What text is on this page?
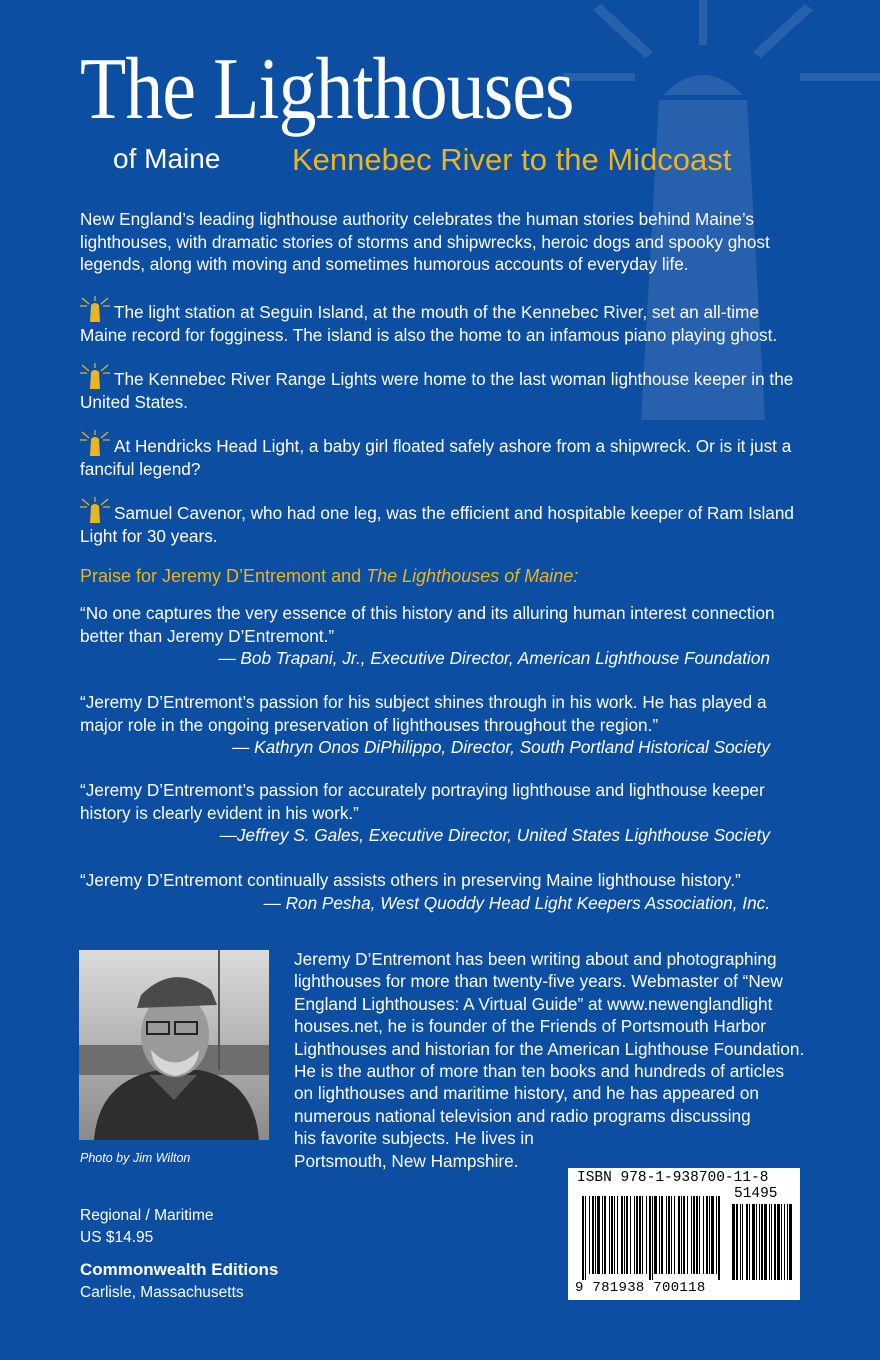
The Lighthouses
of Maine Kennebec River to the Midcoast
New England’s leading lighthouse authority celebrates the human stories behind Maine’s lighthouses, with dramatic stories of storms and shipwrecks, heroic dogs and spooky ghost legends, along with moving and sometimes humorous accounts of everyday life.
The light station at Seguin Island, at the mouth of the Kennebec River, set an all-time Maine record for fogginess. The island is also the home to an infamous piano playing ghost.
The Kennebec River Range Lights were home to the last woman lighthouse keeper in the United States.
At Hendricks Head Light, a baby girl floated safely ashore from a shipwreck. Or is it just a fanciful legend?
Samuel Cavenor, who had one leg, was the efficient and hospitable keeper of Ram Island Light for 30 years.
Praise for Jeremy D’Entremont and The Lighthouses of Maine:
“No one captures the very essence of this history and its alluring human interest connection better than Jeremy D’Entremont.”
— Bob Trapani, Jr., Executive Director, American Lighthouse Foundation
“Jeremy D’Entremont’s passion for his subject shines through in his work. He has played a major role in the ongoing preservation of lighthouses throughout the region.”
— Kathryn Onos DiPhilippo, Director, South Portland Historical Society
“Jeremy D’Entremont’s passion for accurately portraying lighthouse and lighthouse keeper history is clearly evident in his work.”
—Jeffrey S. Gales, Executive Director, United States Lighthouse Society
“Jeremy D’Entremont continually assists others in preserving Maine lighthouse history.”
— Ron Pesha, West Quoddy Head Light Keepers Association, Inc.
Photo by Jim Wilton
Jeremy D’Entremont has been writing about and photographing
lighthouses for more than twenty-five years. Webmaster of “New
England Lighthouses: A Virtual Guide” at www.newenglandlight
houses.net, he is founder of the Friends of Portsmouth Harbor
Lighthouses and historian for the American Lighthouse Foundation.
He is the author of more than ten books and hundreds of articles
on lighthouses and maritime history, and he has appeared on
numerous national television and radio programs discussing
his favorite subjects. He lives in
Portsmouth, New Hampshire.
Regional / Maritime
US $14.95
Commonwealth Editions
Carlisle, Massachusetts
ISBN 978-1-938700-11-8
51495
9 781938 700118
